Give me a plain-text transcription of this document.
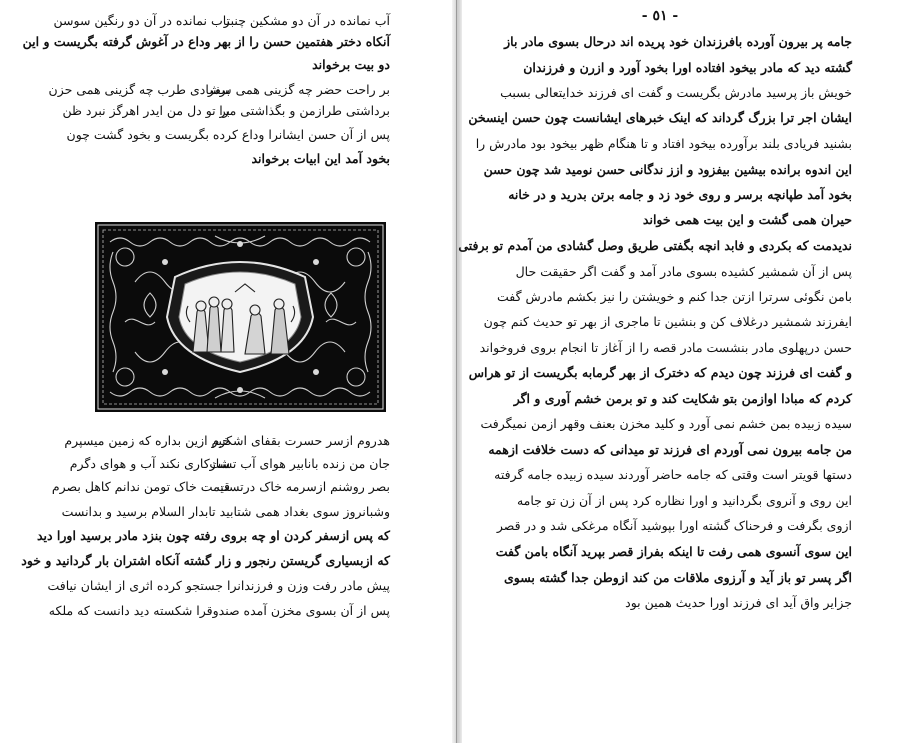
تاب نمانده در آن دو رنگین سوسن
آب نمانده در آن دو مشکین چنبر
آنکاه دختر هفتمین حسن را از بهر وداع در آغوش گرفته بگریست و این
دو بیت برخواند
برشادی طرب چه گزینی همی حزن
بر راحت حضر چه گزینی همی سفر
بر تو دل من ایدر اهرگز نبرد ظن
برداشتی طرازمن و بگذاشتی مرا
پس از آن حسن ایشانرا وداع کرده بگریست و بخود گشت چون
بخود آمد این ابیات برخواند
خبر ازین بداره که زمین میسپرم
هدروم ازسر حسرت بقفای اشکرم
شازکاری نکند آب و هوای دگرم
جان من زنده بانابیر هوای آب تست
قیمت خاک تومن ندانم کاهل بصرم
بصر روشنم ازسرمه خاک درتست
وشبانروز سوی بغداد همی شتابید تابدار السلام برسید و بدانست
که پس ازسفر کردن او چه بروی رفته چون بنزد مادر برسید اورا دید
که ازبسیاری گریستن رنجور و زار گشته آنکاه اشتران بار گردانید و خود
پیش مادر رفت وزن و فرزندانرا جستجو کرده اثری از ایشان نیافت
پس از آن بسوی مخزن آمده صندوقرا شکسته دید دانست که ملکه
- ٥١ -
جامه پر بیرون آورده بافرزندان خود پریده اند درحال بسوی مادر باز
گشته دید که مادر بیخود افتاده اورا بخود آورد و ازرن و فرزندان
خویش باز پرسید مادرش بگریست و گفت ای فرزند خدایتعالی بسبب
ایشان اجر ترا بزرگ گرداند که اینک خبرهای ایشانست چون حسن اینسخن
بشنید فریادی بلند برآورده بیخود افتاد و تا هنگام ظهر بیخود بود مادرش را
این اندوه برانده بیشین بیفزود و ازز ندگانی حسن نومید شد چون حسن
بخود آمد طپانچه برسر و روی خود زد و جامه برتن بدرید و در خانه
حیران همی گشت و این بیت همی خواند
ندیدمت که بکردی و فابد انچه بگفتی طریق وصل گشادی من آمدم تو برفتی
پس از آن شمشیر کشیده بسوی مادر آمد و گفت اگر حقیقت حال
بامن نگوئی سرترا ازتن جدا کنم و خویشتن را نیز بکشم مادرش گفت
ایفرزند شمشیر درغلاف کن و بنشین تا ماجری از بهر تو حدیث کنم چون
حسن درپهلوی مادر بنشست مادر قصه را از آغاز تا انجام بروی فروخواند
و گفت ای فرزند چون دیدم که دخترک از بهر گرمابه بگریست از تو هراس
کردم که مبادا اوازمن بتو شکایت کند و تو برمن خشم آوری و اگر
سیده زبیده بمن خشم نمی آورد و کلید مخزن بعنف وقهر ازمن نمیگرفت
من جامه بیرون نمی آوردم ای فرزند تو میدانی که دست خلافت ازهمه
دستها قویتر است وقتی که جامه حاضر آوردند سیده زبیده جامه گرفته
این روی و آنروی بگردانید و اورا نظاره کرد پس از آن زن تو جامه
ازوی بگرفت و فرحناک گشته اورا بپوشید آنگاه مرغکی شد و در قصر
این سوی آنسوی همی رفت تا اینکه بفراز قصر بپرید آنگاه بامن گفت
اگر پسر تو باز آید و آرزوی ملاقات من کند ازوطن جدا گشته بسوی
جزایر واق آید ای فرزند اورا حدیث همین بود
